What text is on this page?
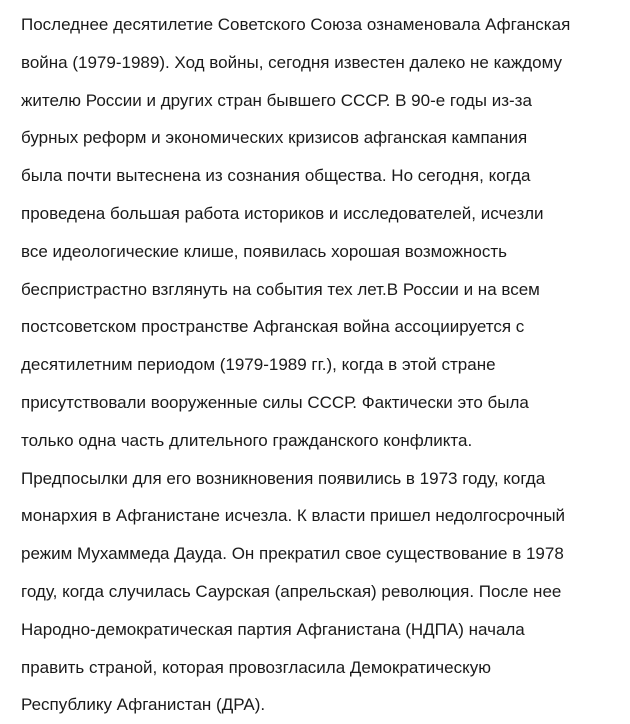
Последнее десятилетие Советского Союза ознаменовала Афганская
война (1979-1989). Ход войны, сегодня известен далеко не каждому
жителю России и других стран бывшего СССР. В 90-е годы из-за
бурных реформ и экономических кризисов афганская кампания
была почти вытеснена из сознания общества. Но сегодня, когда
проведена большая работа историков и исследователей, исчезли
все идеологические клише, появилась хорошая возможность
беспристрастно взглянуть на события тех лет.В России и на всем
постсоветском пространстве Афганская война ассоциируется с
десятилетним периодом (1979-1989 гг.), когда в этой стране
присутствовали вооруженные силы СССР. Фактически это была
только одна часть длительного гражданского конфликта.
Предпосылки для его возникновения появились в 1973 году, когда
монархия в Афганистане исчезла. К власти пришел недолгосрочный
режим Мухаммеда Дауда. Он прекратил свое существование в 1978
году, когда случилась Саурская (апрельская) революция. После нее
Народно-демократическая партия Афганистана (НДПА) начала
править страной, которая провозгласила Демократическую
Республику Афганистан (ДРА).
